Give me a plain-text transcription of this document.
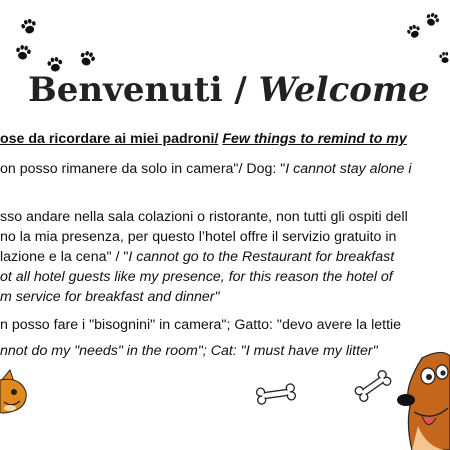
Benvenuti / Welcome
ose da ricordare ai miei padroni/ Few things to remind to my
on posso rimanere da solo in camera"/ Dog: "I cannot stay alone i
sso andare nella sala colazioni o ristorante, non tutti gli ospiti dell
no la mia presenza, per questo l’hotel offre il servizio gratuito in
lazione e la cena" / "I cannot go to the Restaurant for breakfast
ot all hotel guests like my presence, for this reason the hotel of
m service for breakfast and dinner"
n posso fare i "bisognini" in camera"; Gatto: "devo avere la lettie
nnot do my "needs" in the room"; Cat: "I must have my litter"
